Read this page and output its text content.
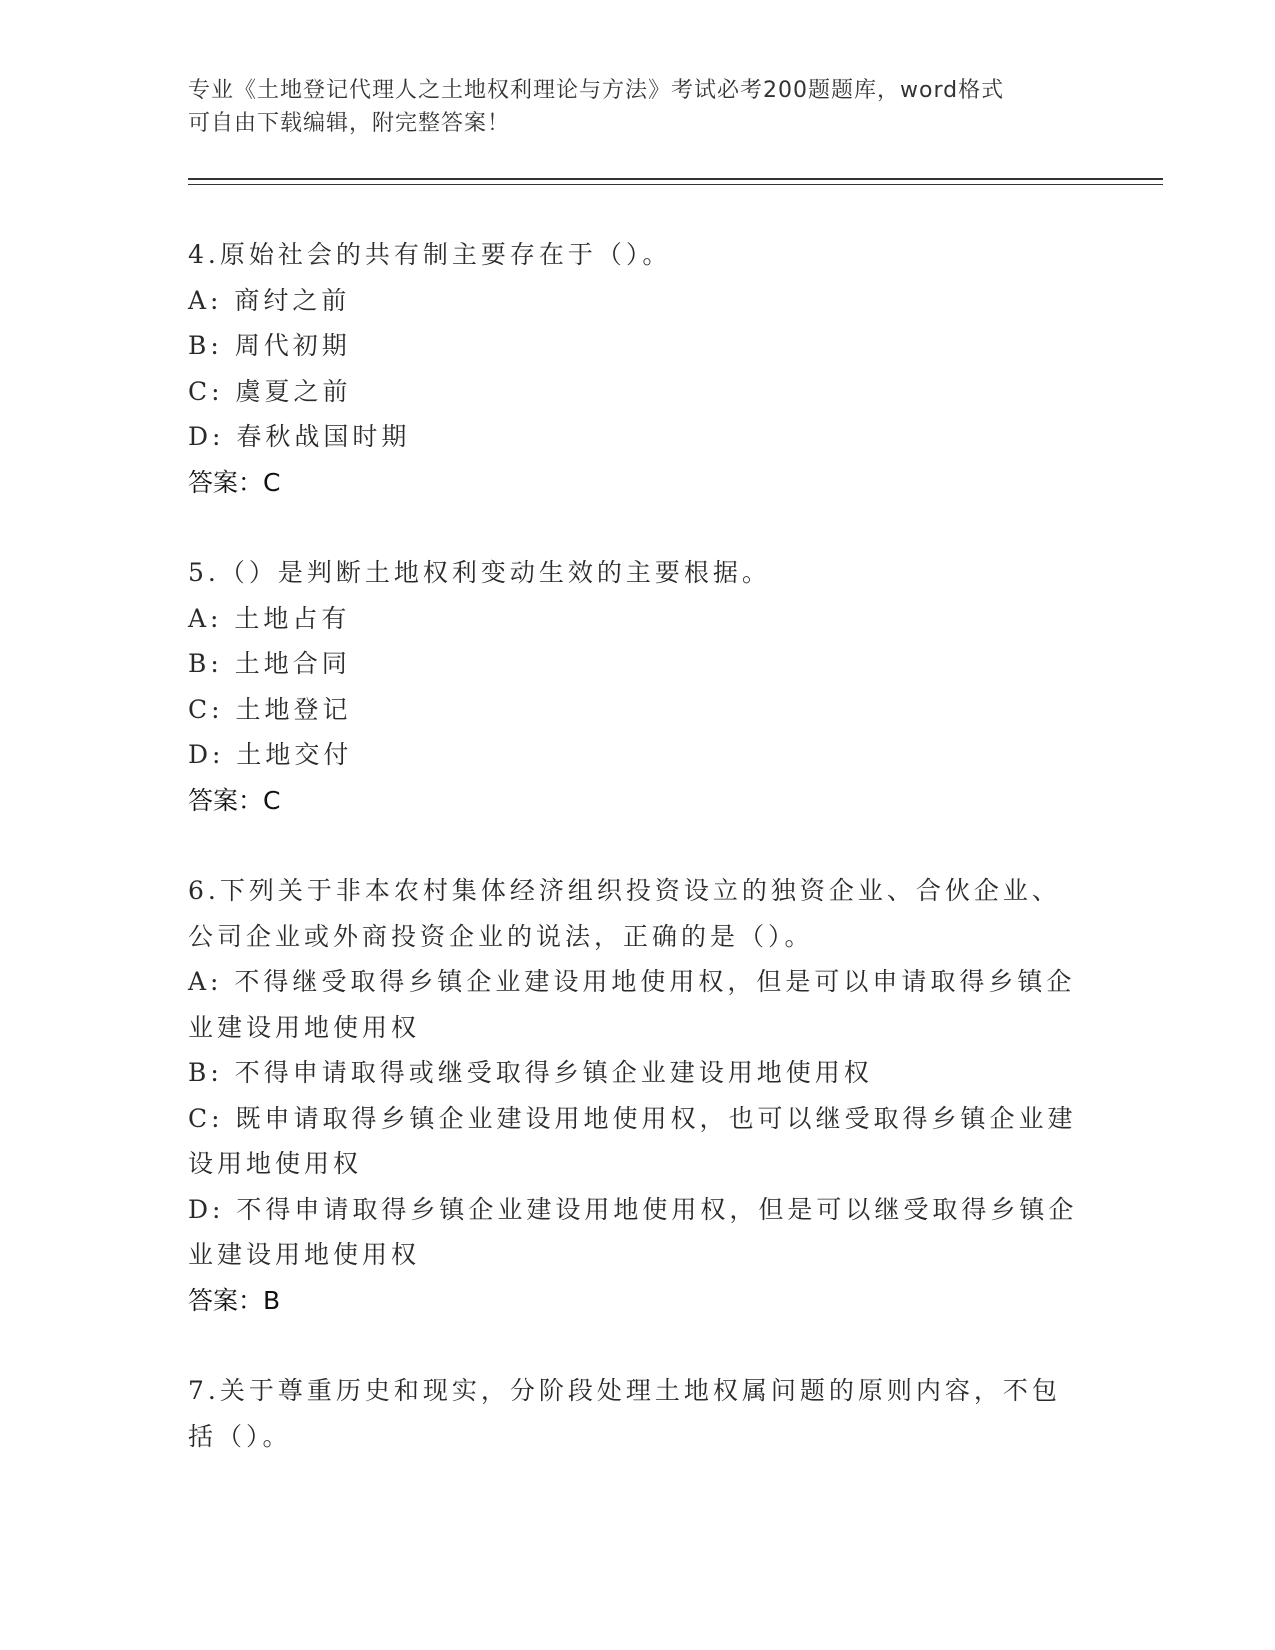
专业《土地登记代理人之土地权利理论与方法》考试必考200题题库，word格式
可自由下载编辑，附完整答案！

4.原始社会的共有制主要存在于（）。

A: 商纣之前

B: 周代初期

C: 虞夏之前

D: 春秋战国时期

答案：C

5.（）是判断土地权利变动生效的主要根据。

A: 土地占有

B: 土地合同

C: 土地登记

D: 土地交付

答案：C

6.下列关于非本农村集体经济组织投资设立的独资企业、合伙企业、公司企业或外商投资企业的说法，正确的是（）。

A: 不得继受取得乡镇企业建设用地使用权，但是可以申请取得乡镇企业建设用地使用权

B: 不得申请取得或继受取得乡镇企业建设用地使用权

C: 既申请取得乡镇企业建设用地使用权，也可以继受取得乡镇企业建设用地使用权

D: 不得申请取得乡镇企业建设用地使用权，但是可以继受取得乡镇企业建设用地使用权

答案：B

7.关于尊重历史和现实，分阶段处理土地权属问题的原则内容，不包括（）。
